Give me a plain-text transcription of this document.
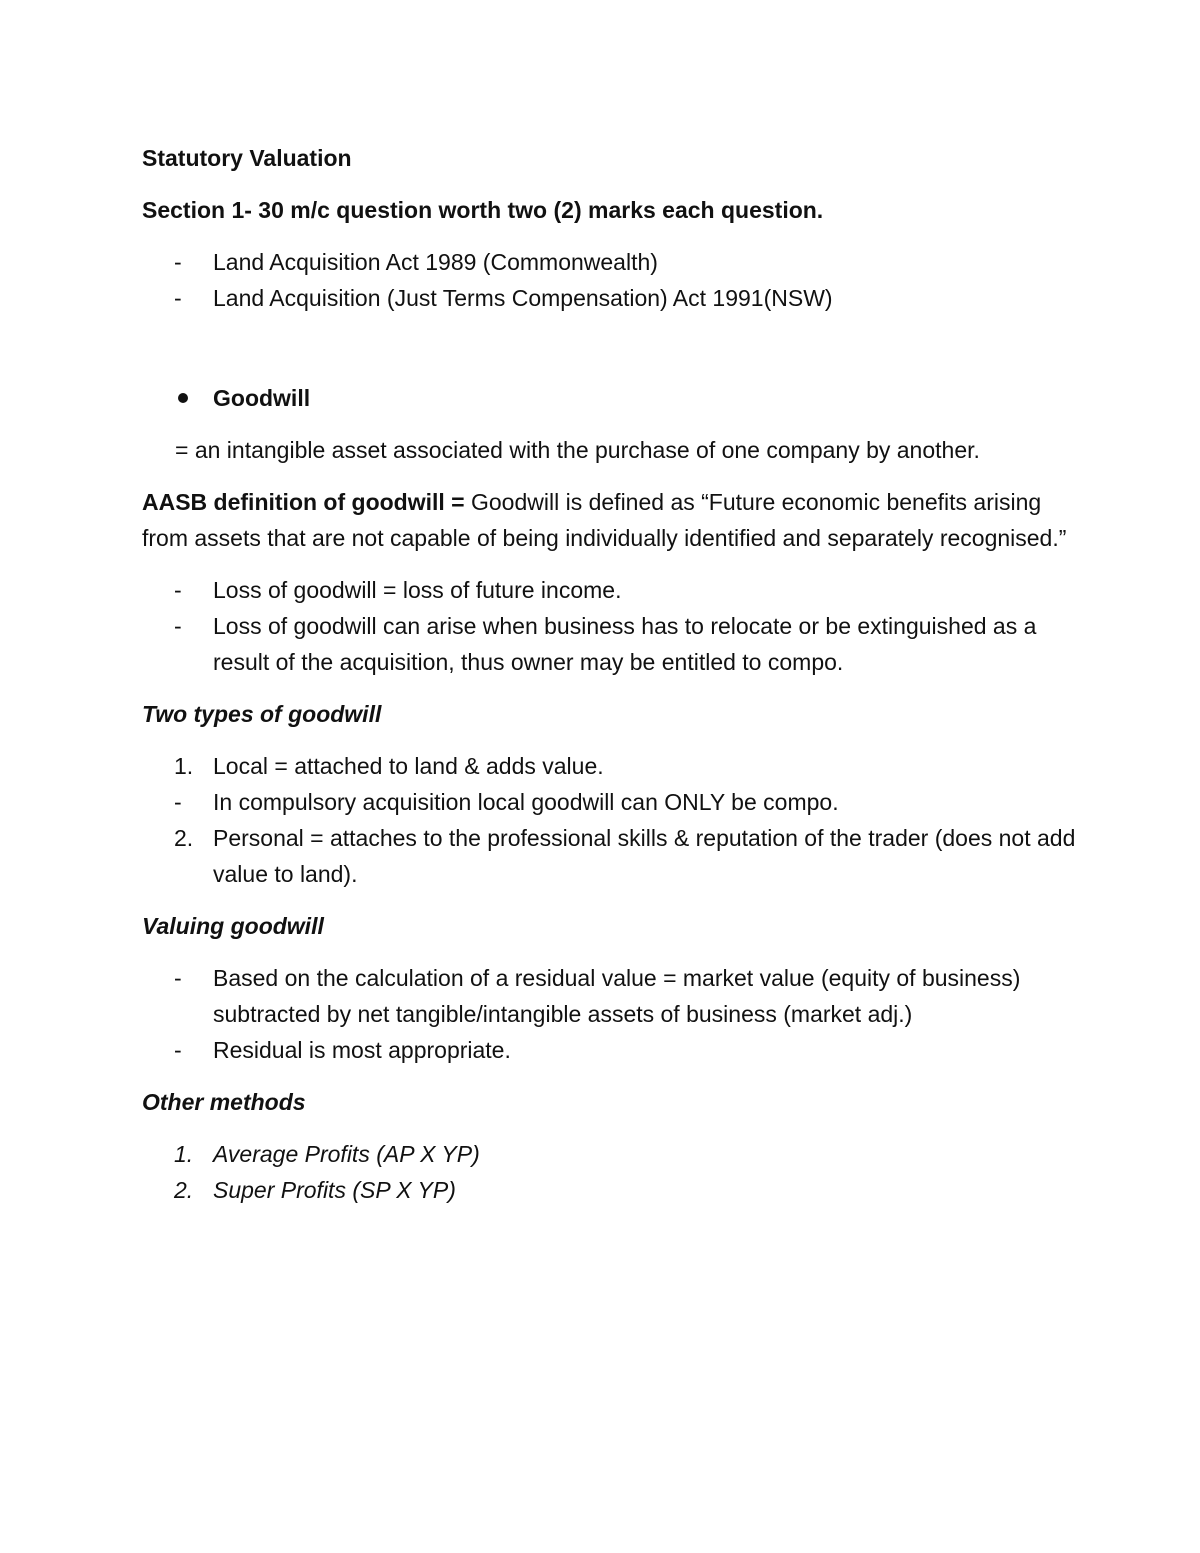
Statutory Valuation

Section 1- 30 m/c question worth two (2) marks each question.

-	Land Acquisition Act 1989 (Commonwealth)
-	Land Acquisition (Just Terms Compensation) Act 1991(NSW)
Goodwill

= an intangible asset associated with the purchase of one company by another.

AASB definition of goodwill = Goodwill is defined as “Future economic benefits arising from assets that are not capable of being individually identified and separately recognised.”

-	Loss of goodwill = loss of future income.
-	Loss of goodwill can arise when business has to relocate or be extinguished as a result of the acquisition, thus owner may be entitled to compo.

Two types of goodwill

1. Local = attached to land & adds value.
-	In compulsory acquisition local goodwill can ONLY be compo.
2. Personal = attaches to the professional skills & reputation of the trader (does not add value to land).

Valuing goodwill

-	Based on the calculation of a residual value = market value (equity of business) subtracted by net tangible/intangible assets of business (market adj.)
-	Residual is most appropriate.

Other methods

1. Average Profits (AP X YP)
2. Super Profits (SP X YP)
